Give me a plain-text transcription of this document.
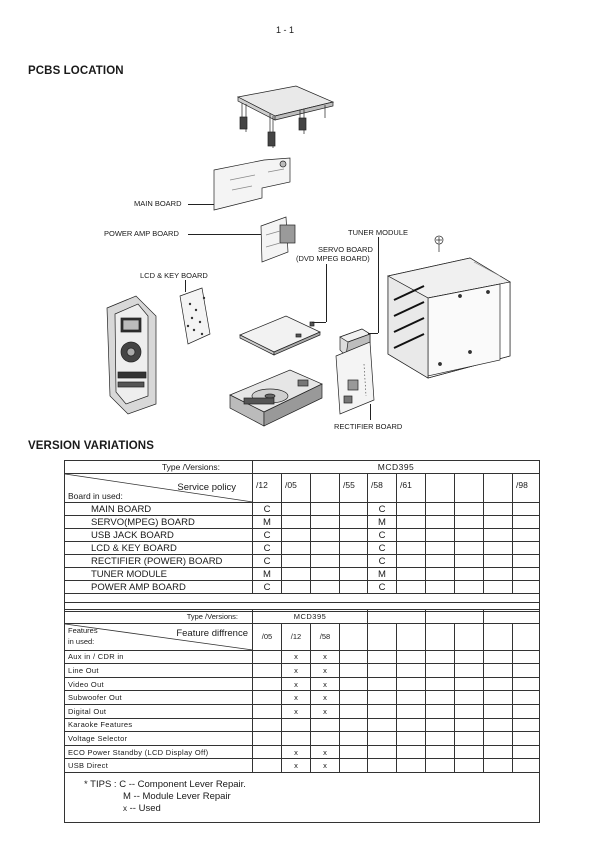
1 - 1
PCBS LOCATION
MAIN BOARD
POWER AMP BOARD
LCD & KEY BOARD
TUNER MODULE
SERVO BOARD
(DVD MPEG BOARD)
RECTIFIER BOARD
VERSION VARIATIONS
Type /Versions:	MCD395									

Service policy
Board in used:	/12	/05		/55	/58	/61				/98
MAIN BOARD	C				C					
SERVO(MPEG) BOARD	M				M					
USB JACK BOARD	C				C					
LCD & KEY BOARD	C				C					
RECTIFIER (POWER) BOARD	C				C					
TUNER MODULE	M				M					
POWER AMP BOARD	C				C					

Type /Versions:	MCD395									

Features
in used:
Feature diffrence	/05	/12	/58							
Aux in / CDR in		x	x							
Line Out		x	x							
Video Out		x	x							
Subwoofer Out		x	x							
Digital Out		x	x							
Karaoke Features										
Voltage Selector										
ECO Power Standby (LCD Display Off)		x	x							
USB Direct		x	x							
* TIPS : C -- Component Lever Repair.
M -- Module Lever Repair
x -- Used
